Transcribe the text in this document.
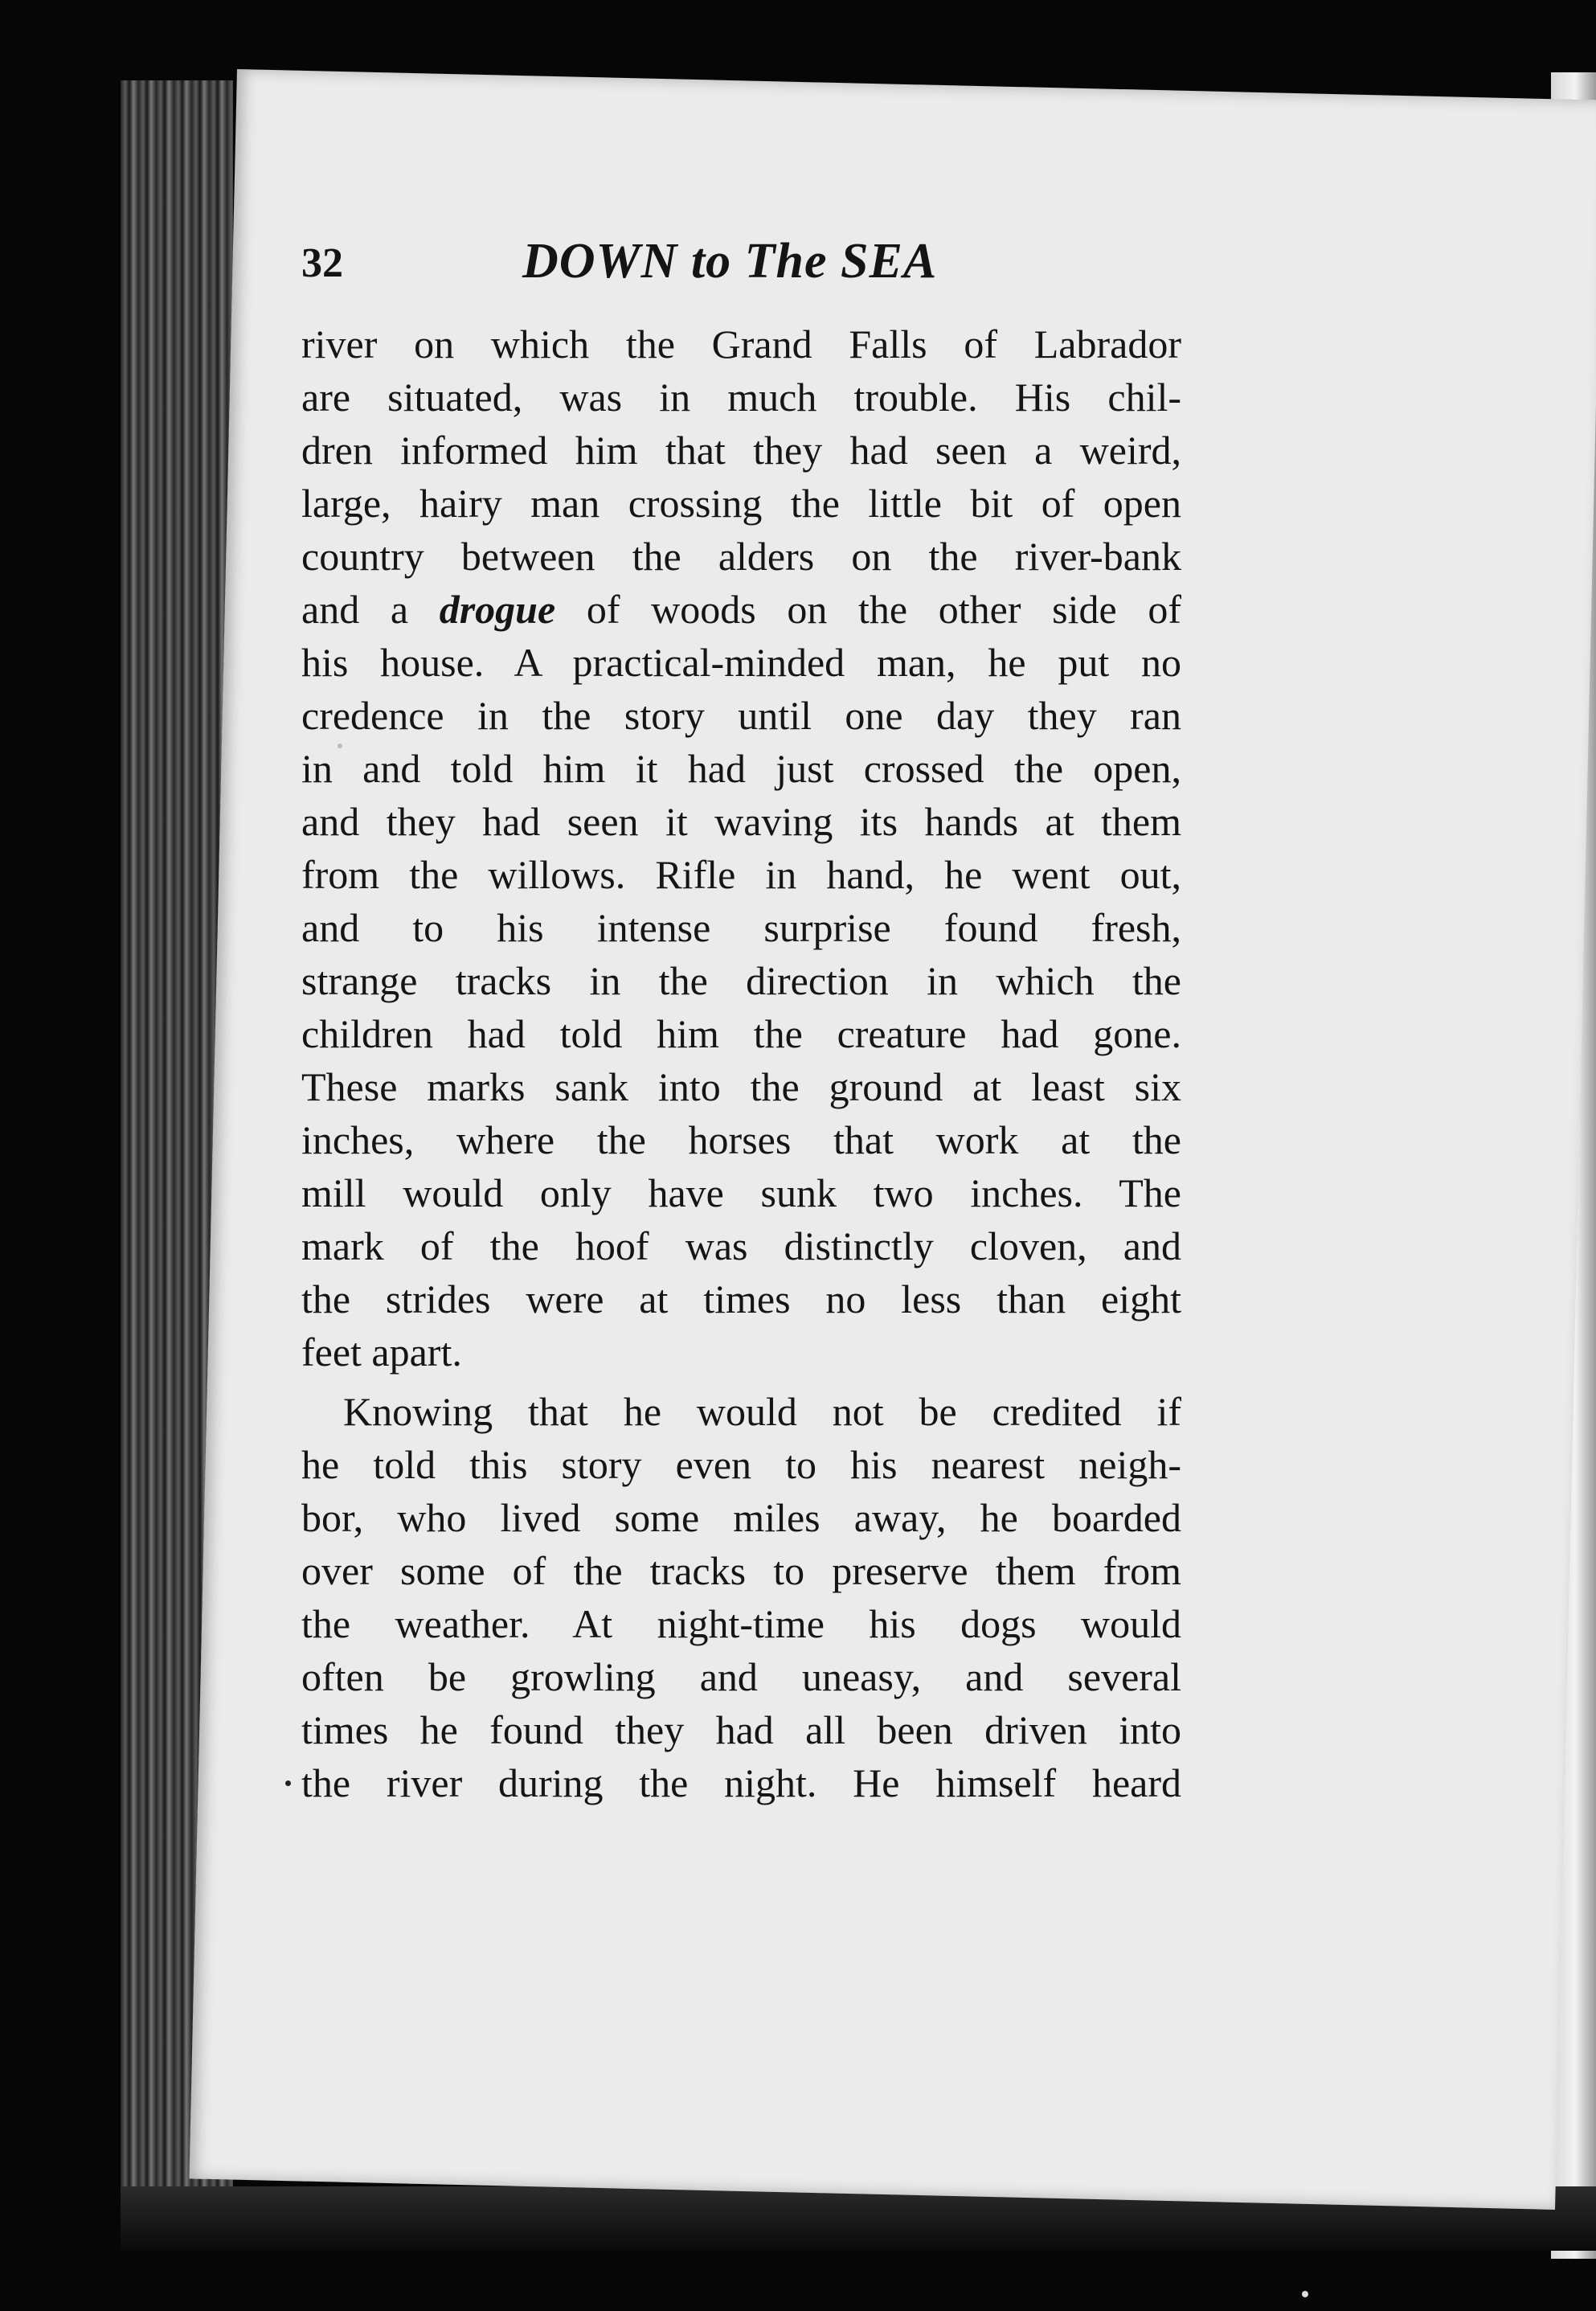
32	DOWN to The SEA
river on which the Grand Falls of Labrador
are situated, was in much trouble. His chil-
dren informed him that they had seen a weird,
large, hairy man crossing the little bit of open
country between the alders on the river-bank
and a drogue of woods on the other side of
his house. A practical-minded man, he put no
credence in the story until one day they ran
in and told him it had just crossed the open,
and they had seen it waving its hands at them
from the willows. Rifle in hand, he went out,
and to his intense surprise found fresh,
strange tracks in the direction in which the
children had told him the creature had gone.
These marks sank into the ground at least six
inches, where the horses that work at the
mill would only have sunk two inches. The
mark of the hoof was distinctly cloven, and
the strides were at times no less than eight
feet apart.
Knowing that he would not be credited if
he told this story even to his nearest neigh-
bor, who lived some miles away, he boarded
over some of the tracks to preserve them from
the weather. At night-time his dogs would
often be growling and uneasy, and several
times he found they had all been driven into
the river during the night. He himself heard
